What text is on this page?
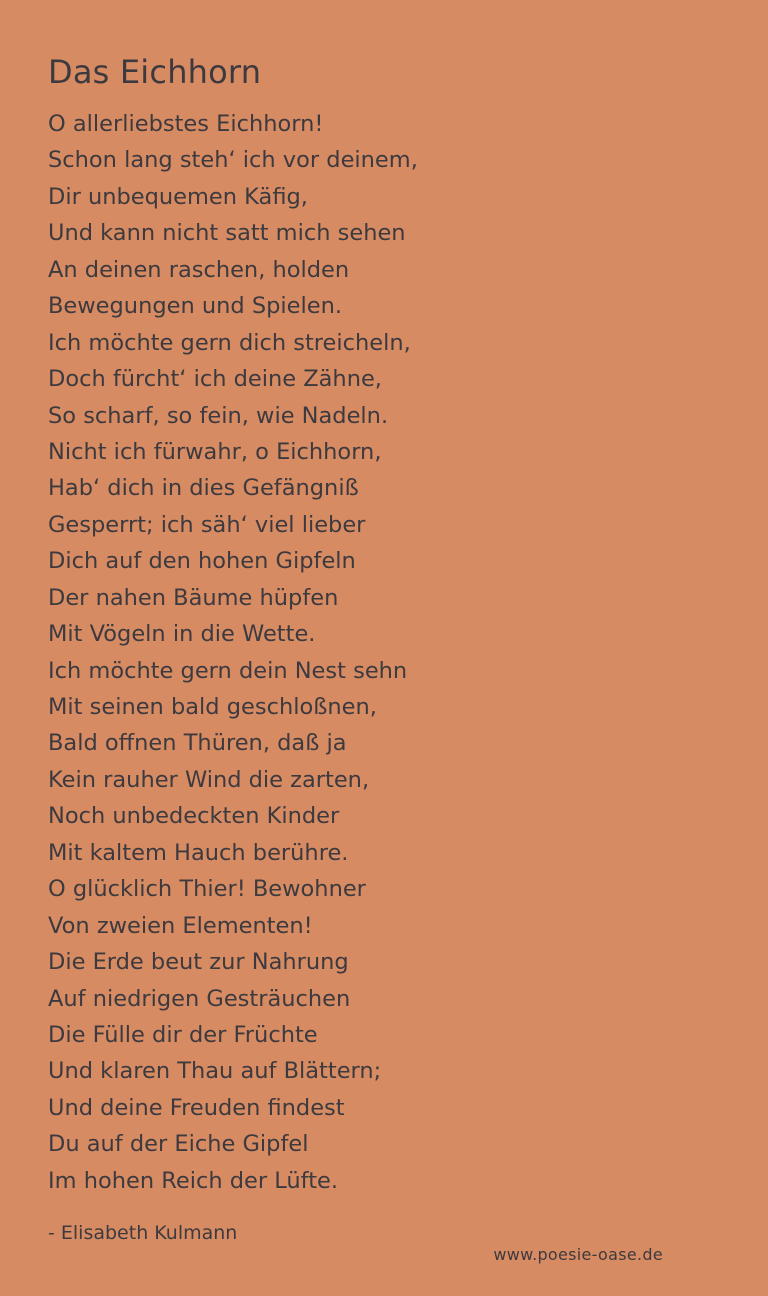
Das Eichhorn
O allerliebstes Eichhorn!
Schon lang steh‘ ich vor deinem,
Dir unbequemen Käfig,
Und kann nicht satt mich sehen
An deinen raschen, holden
Bewegungen und Spielen.
Ich möchte gern dich streicheln,
Doch fürcht‘ ich deine Zähne,
So scharf, so fein, wie Nadeln.
Nicht ich fürwahr, o Eichhorn,
Hab‘ dich in dies Gefängniß
Gesperrt; ich säh‘ viel lieber
Dich auf den hohen Gipfeln
Der nahen Bäume hüpfen
Mit Vögeln in die Wette.
Ich möchte gern dein Nest sehn
Mit seinen bald geschloßnen,
Bald offnen Thüren, daß ja
Kein rauher Wind die zarten,
Noch unbedeckten Kinder
Mit kaltem Hauch berühre.
O glücklich Thier! Bewohner
Von zweien Elementen!
Die Erde beut zur Nahrung
Auf niedrigen Gesträuchen
Die Fülle dir der Früchte
Und klaren Thau auf Blättern;
Und deine Freuden findest
Du auf der Eiche Gipfel
Im hohen Reich der Lüfte.
- Elisabeth Kulmann
www.poesie-oase.de
